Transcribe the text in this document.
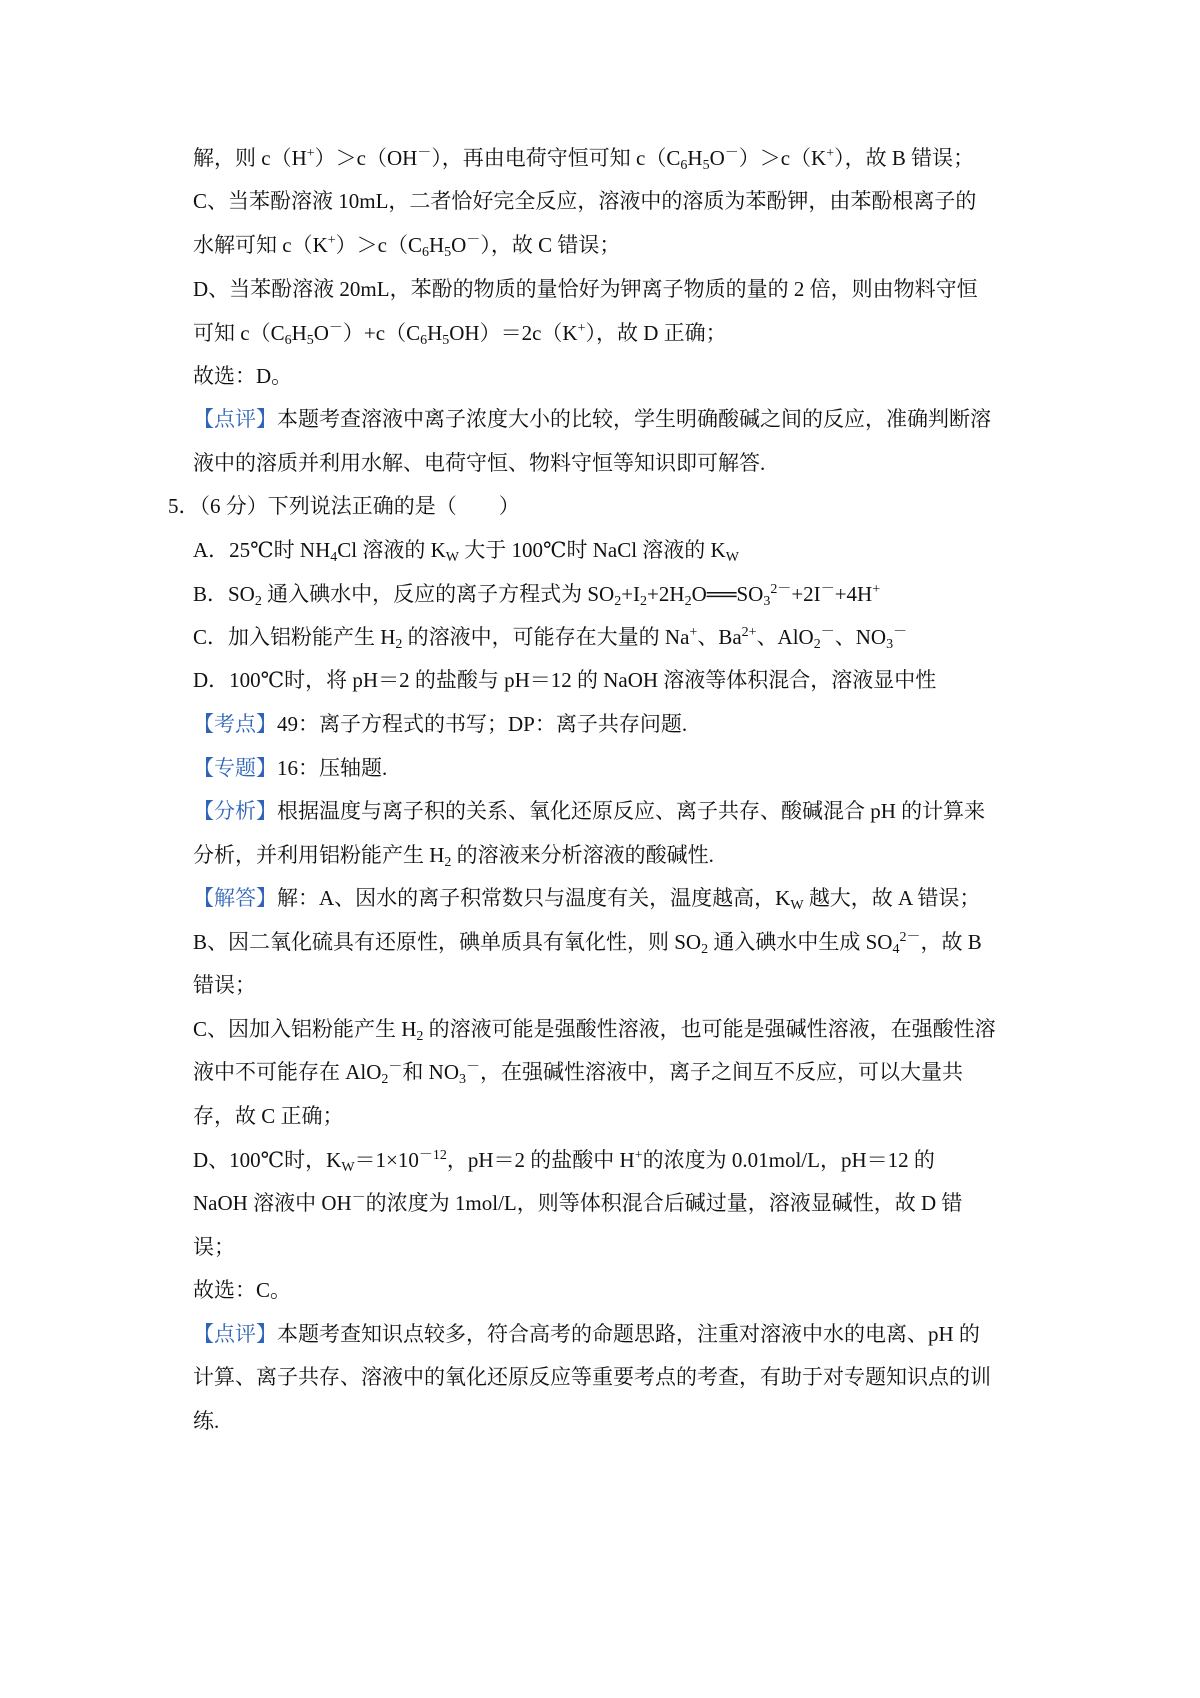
解，则 c（H+）＞c（OH－），再由电荷守恒可知 $c(C_6H_5O^-)>c(K^+)$，故 B 错误；
C、当苯酚溶液 10mL，二者恰好完全反应，溶液中的溶质为苯酚钾，由苯酚根离子的
水解可知 $c(K^+)>c(C_6H_5O^-)$，故 C 错误；
D、当苯酚溶液 20mL，苯酚的物质的量恰好为钾离子物质的量的 2 倍，则由物料守恒
可知 $c(C_6H_5O^-)+c(C_6H_5OH)=2c(K^+)$，故 D 正确；
故选：D。
【点评】本题考查溶液中离子浓度大小的比较，学生明确酸碱之间的反应，准确判断溶
液中的溶质并利用水解、电荷守恒、物料守恒等知识即可解答.
5．（6 分）下列说法正确的是（　　）
A．25℃时 $NH_4Cl$ 溶液的 $K_W$ 大于 100℃时 NaCl 溶液的 $K_W$
B．$SO_2$ 通入碘水中，反应的离子方程式为 $SO_2+I_2+2H_2O══SO_3^{2-}+2I^-+4H^+$
C．加入铝粉能产生 $H_2$ 的溶液中，可能存在大量的 Na+、$Ba^{2+}$、AlO$_2$－、$NO_3^-$
D．100℃时，将 pH＝2 的盐酸与 pH＝12 的 NaOH 溶液等体积混合，溶液显中性
【考点】49：离子方程式的书写；DP：离子共存问题.
【专题】16：压轴题.
【分析】根据温度与离子积的关系、氧化还原反应、离子共存、酸碱混合 pH 的计算来
分析，并利用铝粉能产生 $H_2$ 的溶液来分析溶液的酸碱性.
【解答】解：A、因水的离子积常数只与温度有关，温度越高，$K_W$ 越大，故 A 错误；
B、因二氧化硫具有还原性，碘单质具有氧化性，则 $SO_2$ 通入碘水中生成 $SO_4^{2-}$，故 B
错误；
C、因加入铝粉能产生 $H_2$ 的溶液可能是强酸性溶液，也可能是强碱性溶液，在强酸性溶
液中不可能存在 AlO$_2$－和 $NO_3^-$，在强碱性溶液中，离子之间互不反应，可以大量共
存，故 C 正确；
D、100℃时，$K_W=1\times 10^{-12}$，pH＝2 的盐酸中 H+的浓度为 0.01mol/L，pH＝12 的
NaOH 溶液中 OH－的浓度为 1mol/L，则等体积混合后碱过量，溶液显碱性，故 D 错
误；
故选：C。
【点评】本题考查知识点较多，符合高考的命题思路，注重对溶液中水的电离、pH 的
计算、离子共存、溶液中的氧化还原反应等重要考点的考查，有助于对专题知识点的训
练.
